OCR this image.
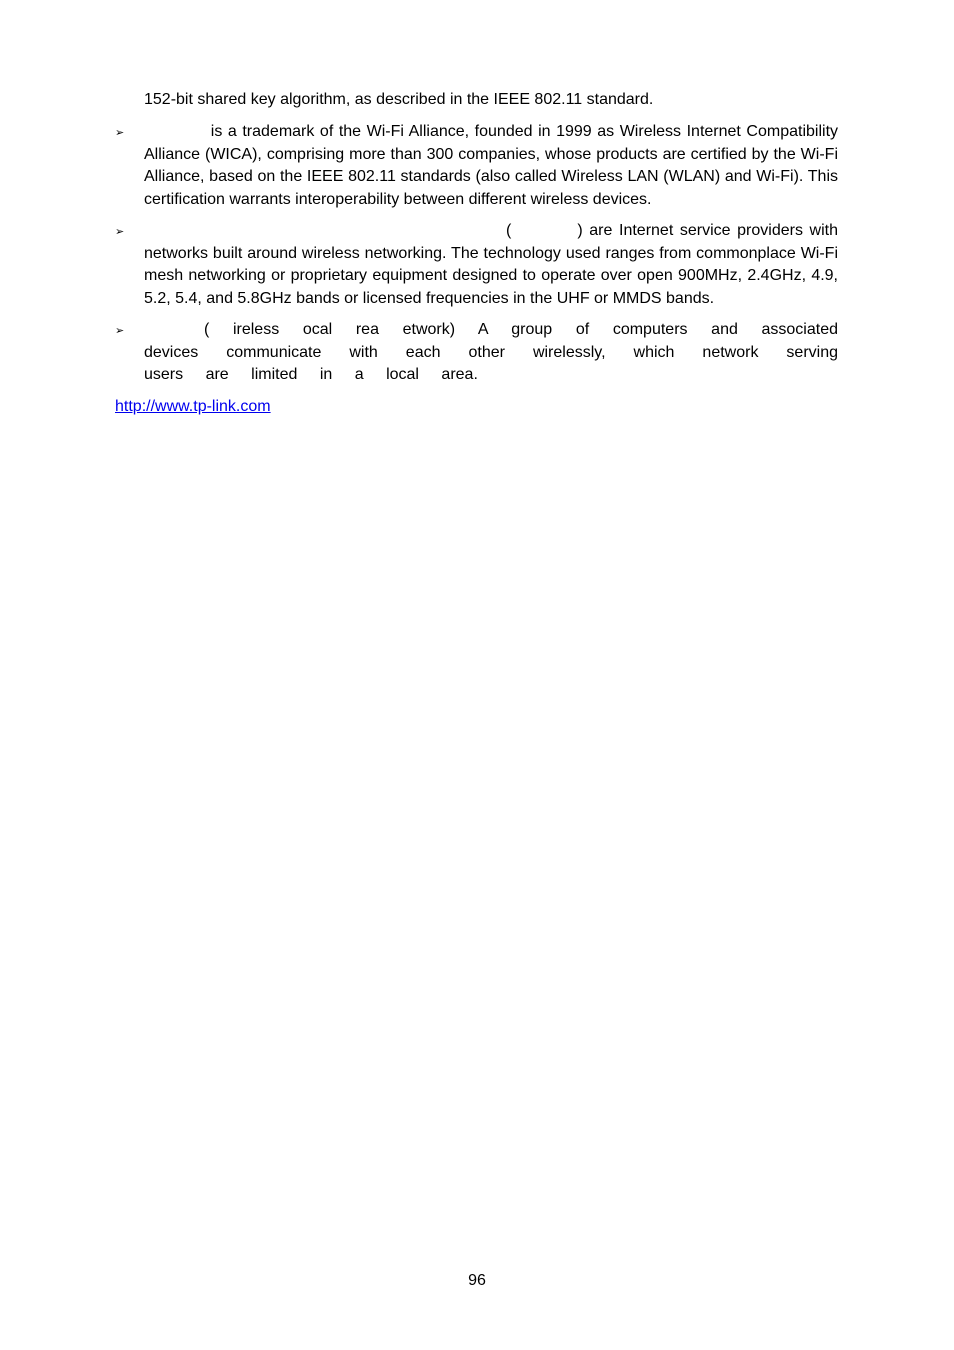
152-bit shared key algorithm, as described in the IEEE 802.11 standard.

➢ is a trademark of the Wi-Fi Alliance, founded in 1999 as Wireless Internet Compatibility Alliance (WICA), comprising more than 300 companies, whose products are certified by the Wi-Fi Alliance, based on the IEEE 802.11 standards (also called Wireless LAN (WLAN) and Wi-Fi). This certification warrants interoperability between different wireless devices.

➢	(          ) are Internet service providers with networks built around wireless networking. The technology used ranges from commonplace Wi-Fi mesh networking or proprietary equipment designed to operate over open 900MHz, 2.4GHz, 4.9, 5.2, 5.4, and 5.8GHz bands or licensed frequencies in the UHF or MMDS bands.

➢	( ireless ocal rea etwork) A group of computers and associated devices communicate with each other wirelessly, which network serving users are limited in a local area.

http://www.tp-link.com
96
